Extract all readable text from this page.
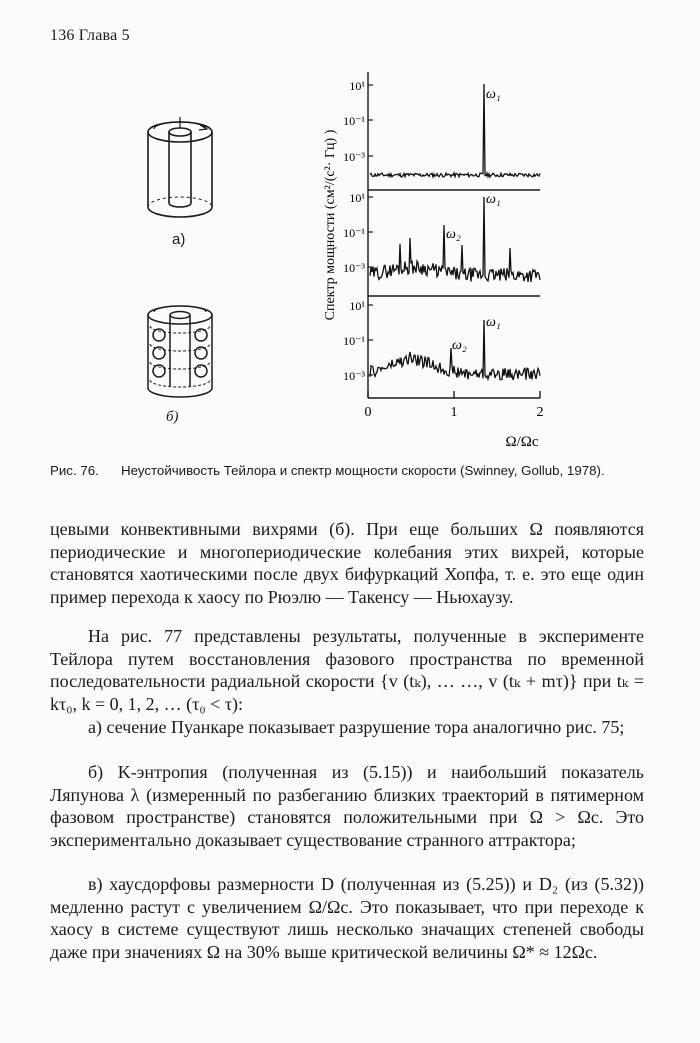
136 Глава 5
а)
б)
10¹
10⁻¹
10⁻³
10¹
10⁻¹
10⁻³
10¹
10⁻¹
10⁻³
ω₁
ω₂
ω₁
ω₂
ω₁
0	1	2
Ω/Ωc
Спектр мощности (см²/(с²· Гц) )
Рис. 76. Неустойчивость Тейлора и спектр мощности скорости (Swinney, Gollub, 1978).

цевыми конвективными вихрями (б). При еще больших Ω появляются периодические и многопериодические колебания этих вихрей, которые становятся хаотическими после двух бифуркаций Хопфа, т. е. это еще один пример перехода к хаосу по Рюэлю — Такенсу — Ньюхаузу.

На рис. 77 представлены результаты, полученные в эксперименте Тейлора путем восстановления фазового пространства по временной последовательности радиальной скорости {v (tₖ), … …, v (tₖ + mτ)} при tₖ = kτ₀, k = 0, 1, 2, … (τ₀ < τ):

а) сечение Пуанкаре показывает разрушение тора аналогично рис. 75;

б) K-энтропия (полученная из (5.15)) и наибольший показатель Ляпунова λ (измеренный по разбеганию близких траекторий в пятимерном фазовом пространстве) становятся положительными при Ω > Ωc. Это экспериментально доказывает существование странного аттрактора;

в) хаусдорфовы размерности D (полученная из (5.25)) и D₂ (из (5.32)) медленно растут с увеличением Ω/Ωc. Это показывает, что при переходе к хаосу в системе существуют лишь несколько значащих степеней свободы даже при значениях Ω на 30% выше критической величины Ω* ≈ 12Ωc.
